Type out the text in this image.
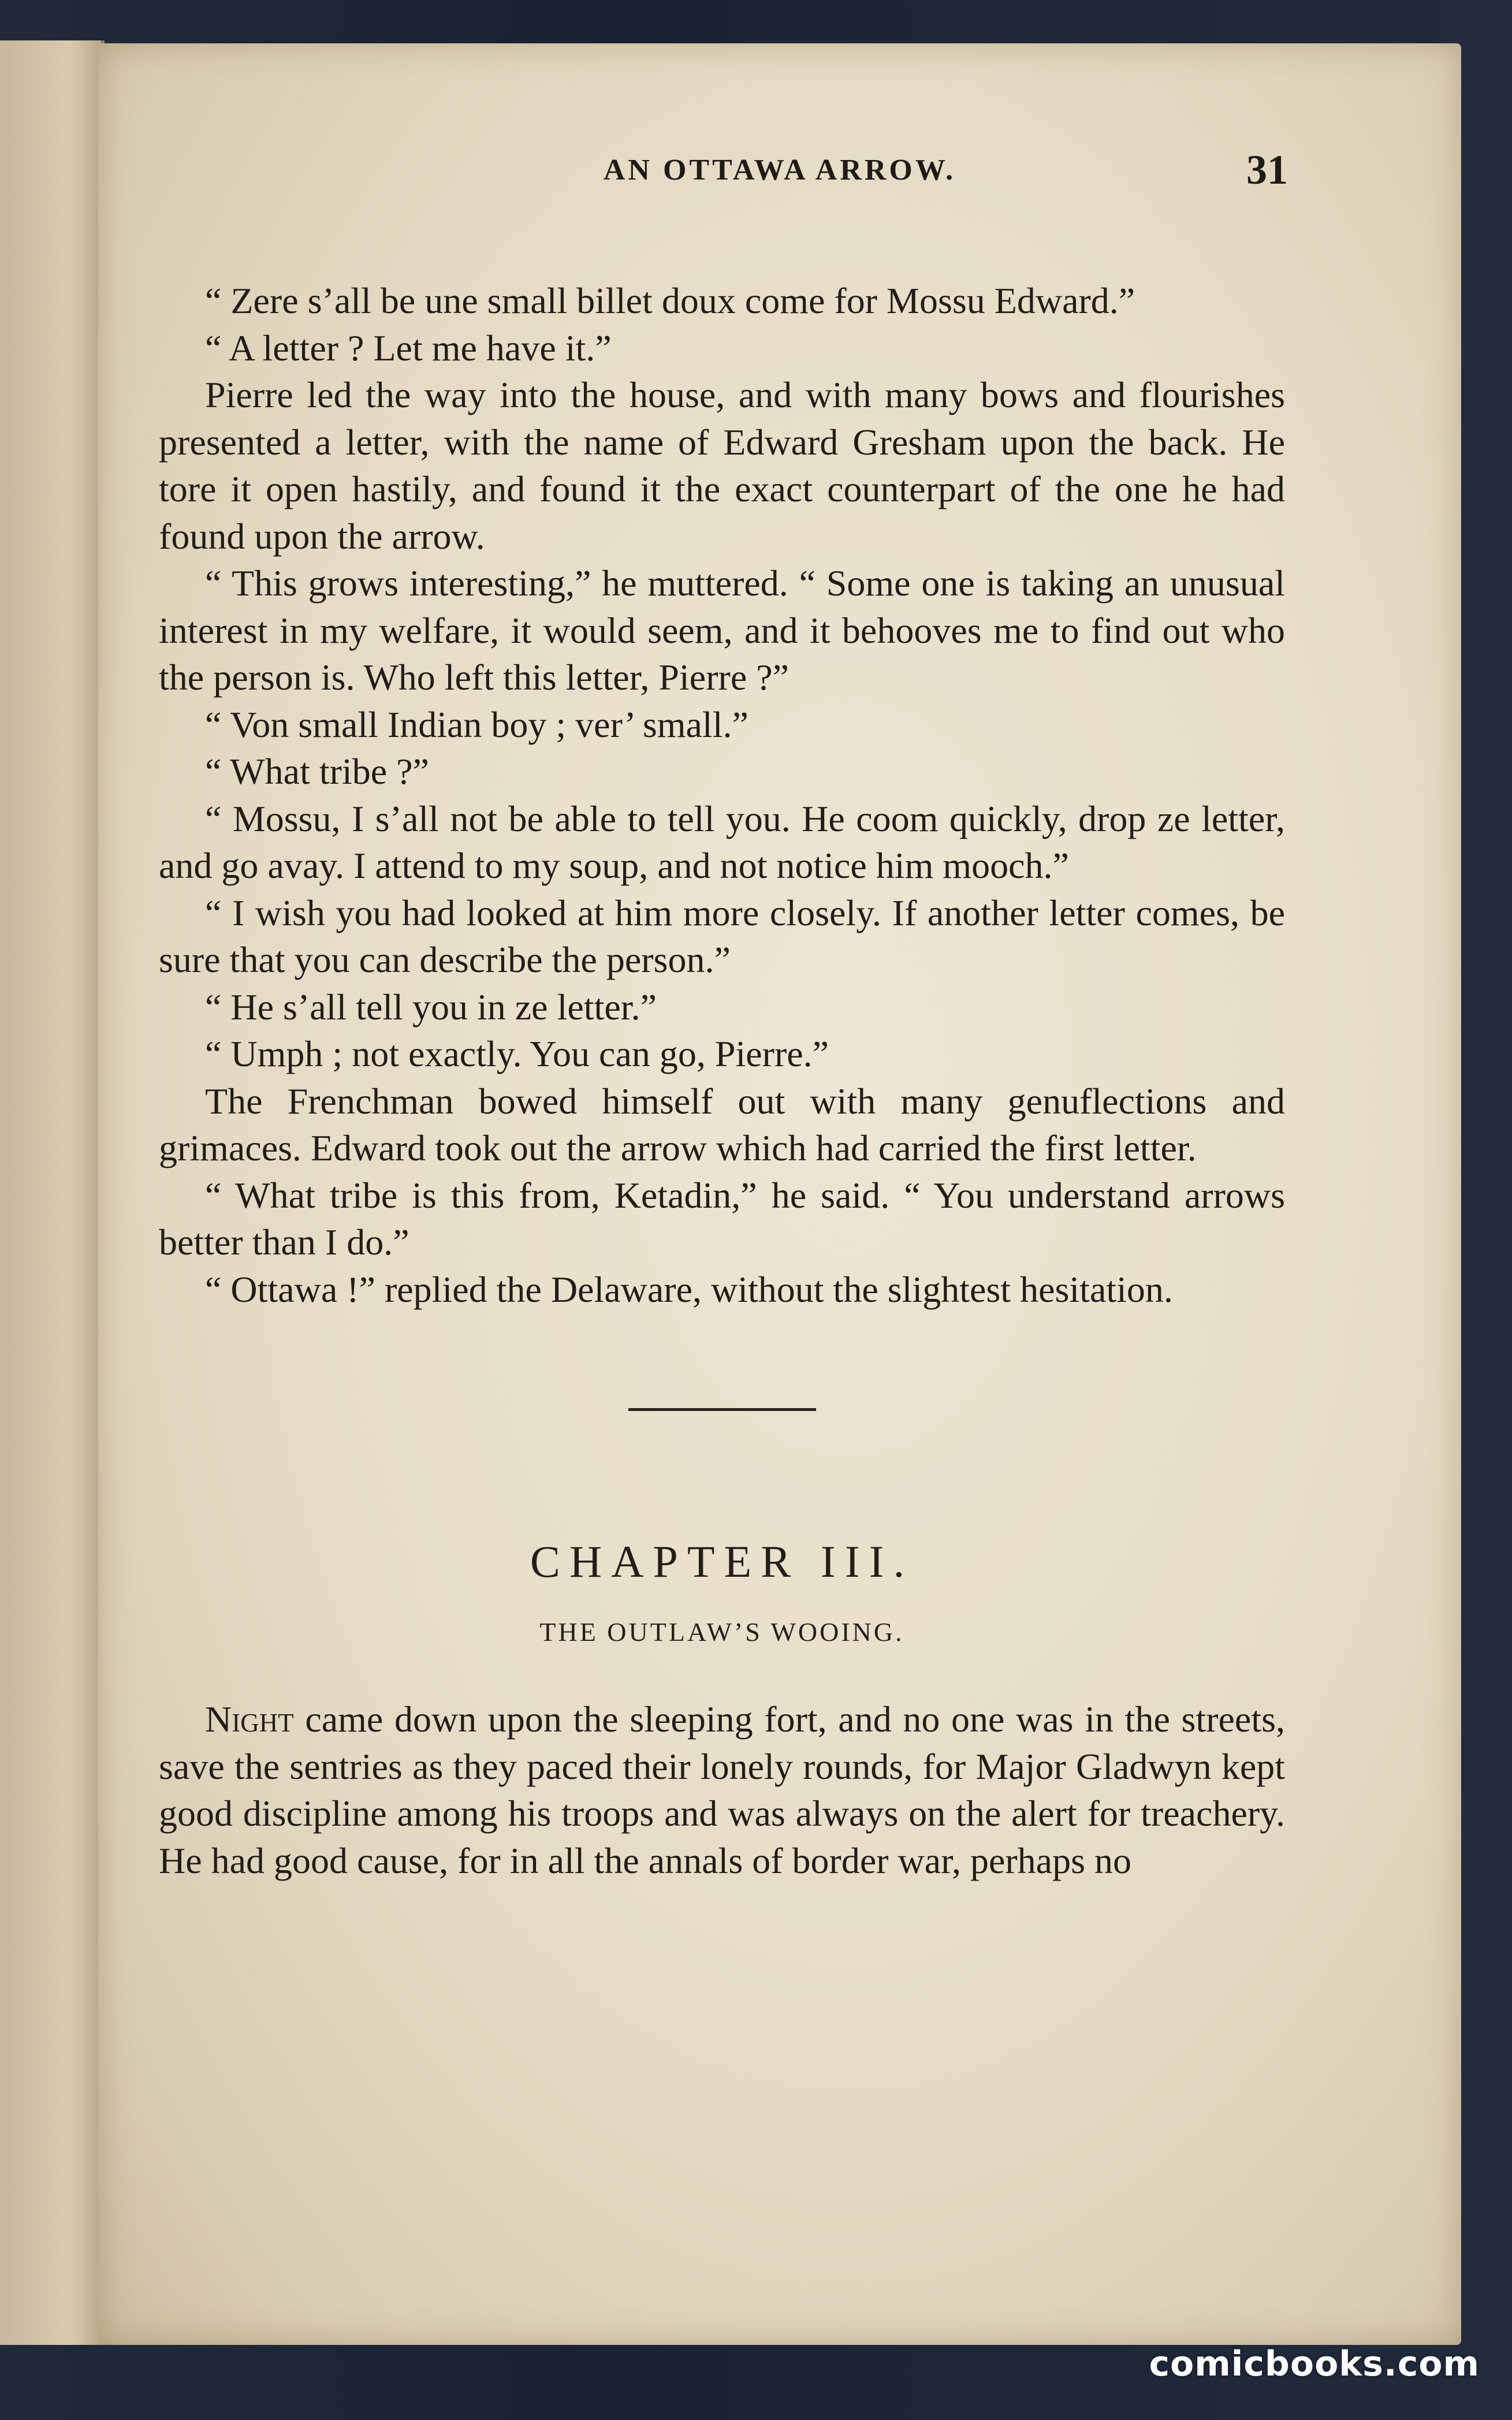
AN OTTAWA ARROW.	31

“ Zere s’all be une small billet doux come for Mossu Edward.”

“ A letter ? Let me have it.”

Pierre led the way into the house, and with many bows and flourishes presented a letter, with the name of Edward Gresham upon the back. He tore it open hastily, and found it the exact counterpart of the one he had found upon the arrow.

“ This grows interesting,” he muttered. “ Some one is taking an unusual interest in my welfare, it would seem, and it behooves me to find out who the person is. Who left this letter, Pierre ?”

“ Von small Indian boy ; ver’ small.”

“ What tribe ?”

“ Mossu, I s’all not be able to tell you. He coom quickly, drop ze letter, and go avay. I attend to my soup, and not notice him mooch.”

“ I wish you had looked at him more closely. If another letter comes, be sure that you can describe the person.”

“ He s’all tell you in ze letter.”

“ Umph ; not exactly. You can go, Pierre.”

The Frenchman bowed himself out with many genuflections and grimaces. Edward took out the arrow which had carried the first letter.

“ What tribe is this from, Ketadin,” he said. “ You understand arrows better than I do.”

“ Ottawa !” replied the Delaware, without the slightest hesitation.

CHAPTER III.
THE OUTLAW’S WOOING.

Night came down upon the sleeping fort, and no one was in the streets, save the sentries as they paced their lonely rounds, for Major Gladwyn kept good discipline among his troops and was always on the alert for treachery. He had good cause, for in all the annals of border war, perhaps no

comicbooks.com
